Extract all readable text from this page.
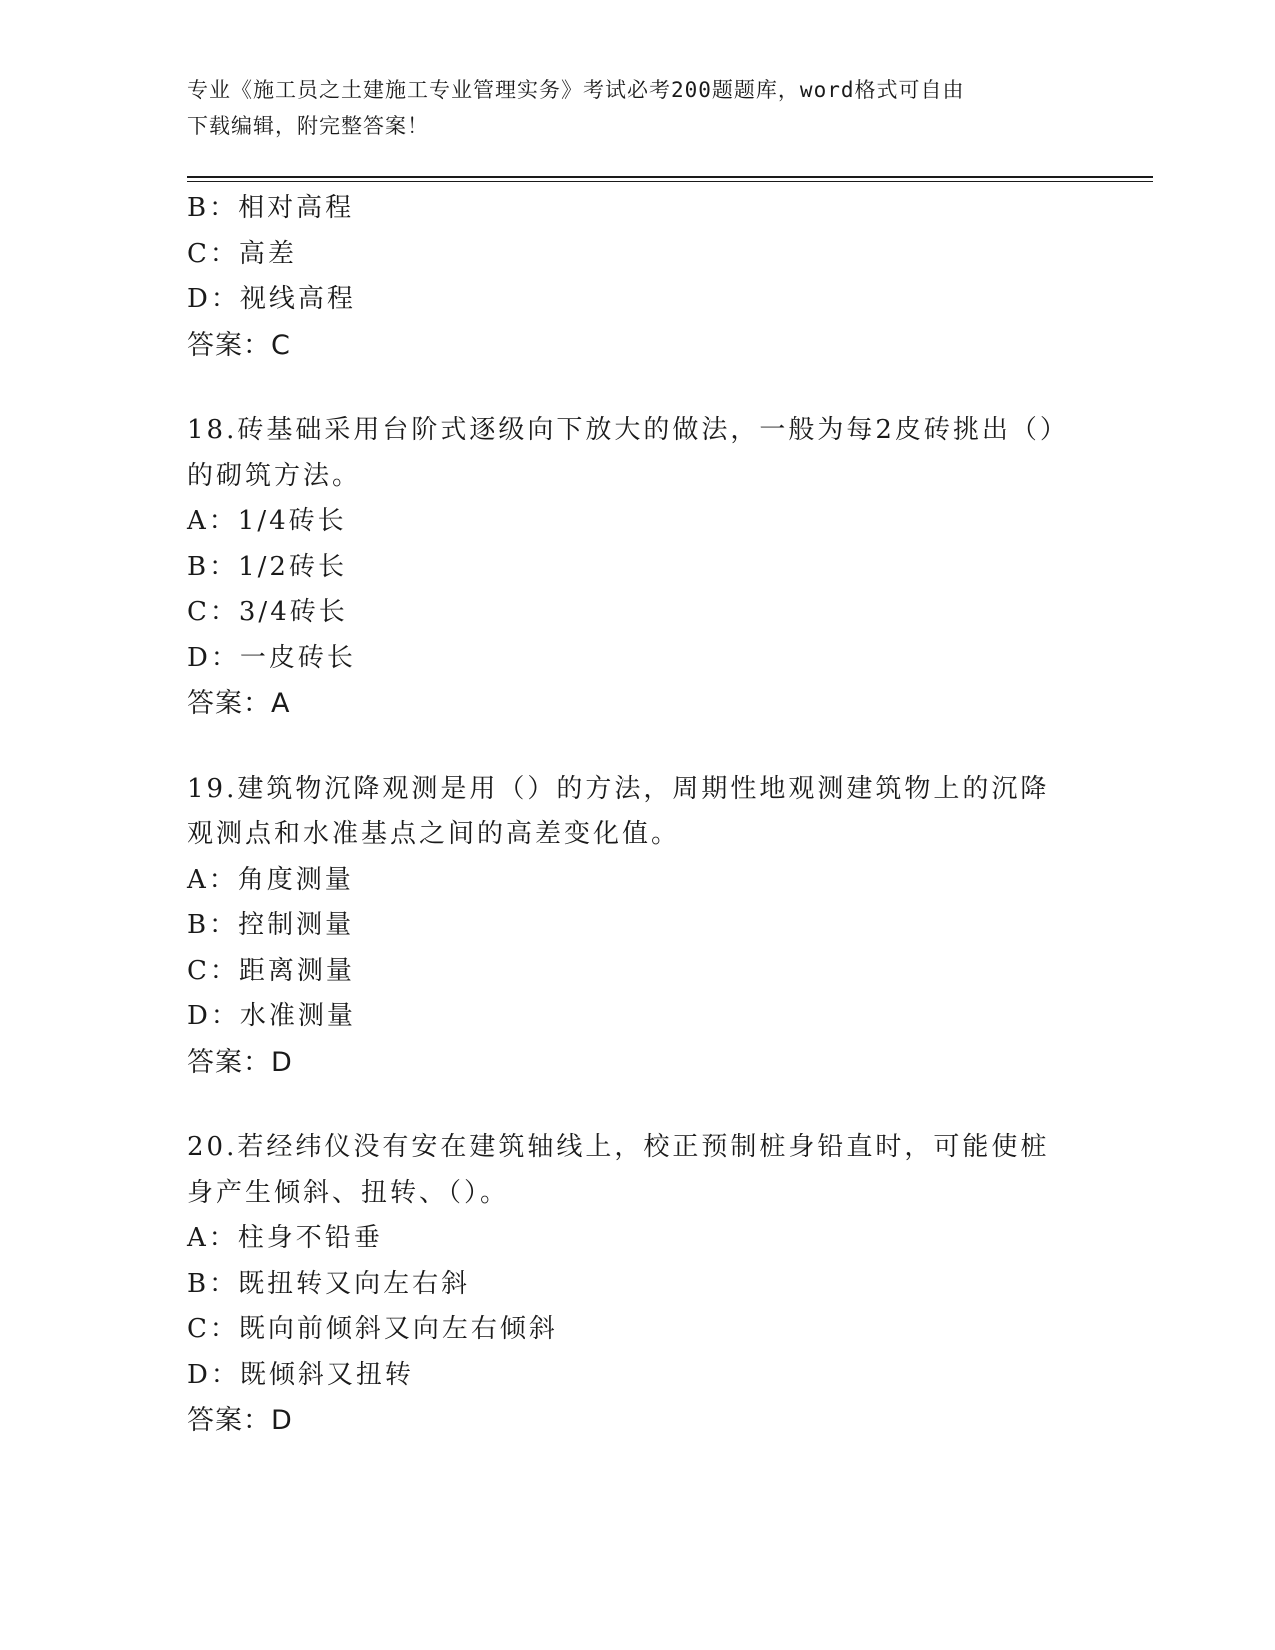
专业《施工员之土建施工专业管理实务》考试必考200题题库，word格式可自由
下载编辑，附完整答案！
B：相对高程
C：高差
D：视线高程
答案：C
18.砖基础采用台阶式逐级向下放大的做法，一般为每2皮砖挑出（）的砌筑方法。
A：1/4砖长
B：1/2砖长
C：3/4砖长
D：一皮砖长
答案：A
19.建筑物沉降观测是用（）的方法，周期性地观测建筑物上的沉降观测点和水准基点之间的高差变化值。
A：角度测量
B：控制测量
C：距离测量
D：水准测量
答案：D
20.若经纬仪没有安在建筑轴线上，校正预制桩身铅直时，可能使桩身产生倾斜、扭转、（）。
A：柱身不铅垂
B：既扭转又向左右斜
C：既向前倾斜又向左右倾斜
D：既倾斜又扭转
答案：D
